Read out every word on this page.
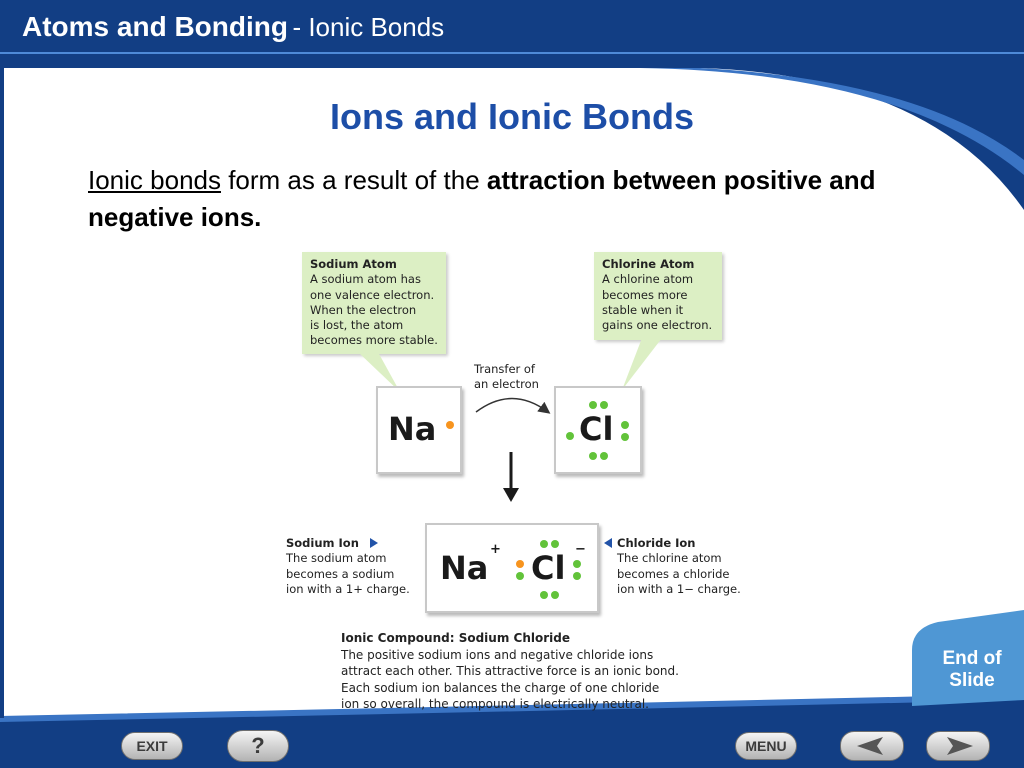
Atoms and Bonding - Ionic Bonds
Ions and Ionic Bonds
Ionic bonds form as a result of the attraction between positive and negative ions.
Sodium Atom
A sodium atom has
one valence electron.
When the electron
is lost, the atom
becomes more stable.
Chlorine Atom
A chlorine atom
becomes more
stable when it
gains one electron.
Transfer of
an electron
Na	Cl
Sodium Ion
The sodium atom
becomes a sodium
ion with a 1+ charge.
Na + Cl −	Chloride Ion
The chlorine atom
becomes a chloride
ion with a 1− charge.
Ionic Compound: Sodium Chloride
The positive sodium ions and negative chloride ions
attract each other. This attractive force is an ionic bond.
Each sodium ion balances the charge of one chloride
ion so overall, the compound is electrically neutral.
End of
Slide
EXIT	?	MENU
